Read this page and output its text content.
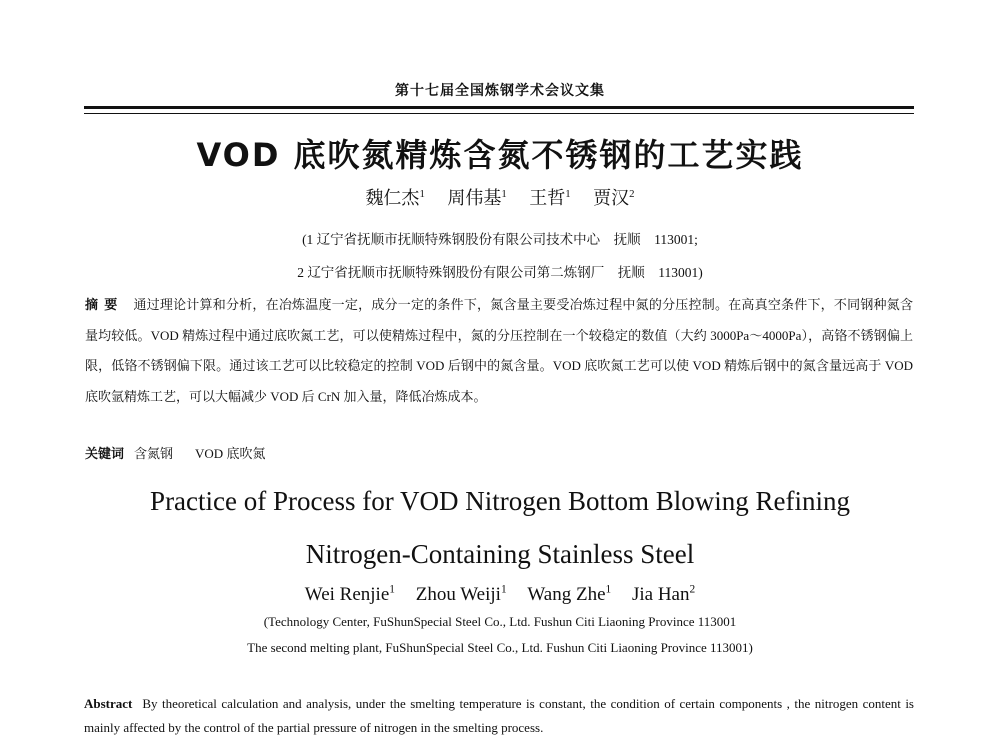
第十七届全国炼钢学术会议文集
VOD 底吹氮精炼含氮不锈钢的工艺实践
魏仁杰$^1$ 周伟基$^1$ 王哲$^1$ 贾汉$^2$
(1 辽宁省抚顺市抚顺特殊钢股份有限公司技术中心　抚顺　113001;
2 辽宁省抚顺市抚顺特殊钢股份有限公司第二炼钢厂　抚顺　113001)
摘要 通过理论计算和分析，在冶炼温度一定，成分一定的条件下，氮含量主要受冶炼过程中氮的分压控制。在高真空条件下，不同钢种氮含量均较低。VOD 精炼过程中通过底吹氮工艺，可以使精炼过程中，氮的分压控制在一个较稳定的数值（大约 3000Pa～4000Pa），高铬不锈钢偏上限，低铬不锈钢偏下限。通过该工艺可以比较稳定的控制 VOD 后钢中的氮含量。VOD 底吹氮工艺可以使 VOD 精炼后钢中的氮含量远高于 VOD 底吹氩精炼工艺，可以大幅减少 VOD 后 CrN 加入量，降低冶炼成本。
关键词 含氮钢 VOD 底吹氮
Practice of Process for VOD Nitrogen Bottom Blowing Refining
Nitrogen-Containing Stainless Steel
Wei Renjie$^1$ Zhou Weiji$^1$ Wang Zhe$^1$ Jia Han$^2$
(Technology Center, FuShunSpecial Steel Co., Ltd. Fushun Citi Liaoning Province 113001
The second melting plant, FuShunSpecial Steel Co., Ltd. Fushun Citi Liaoning Province 113001)
Abstract By theoretical calculation and analysis, under the smelting temperature is constant, the condition of certain components , the nitrogen content is mainly affected by the control of the partial pressure of nitrogen in the smelting process.
